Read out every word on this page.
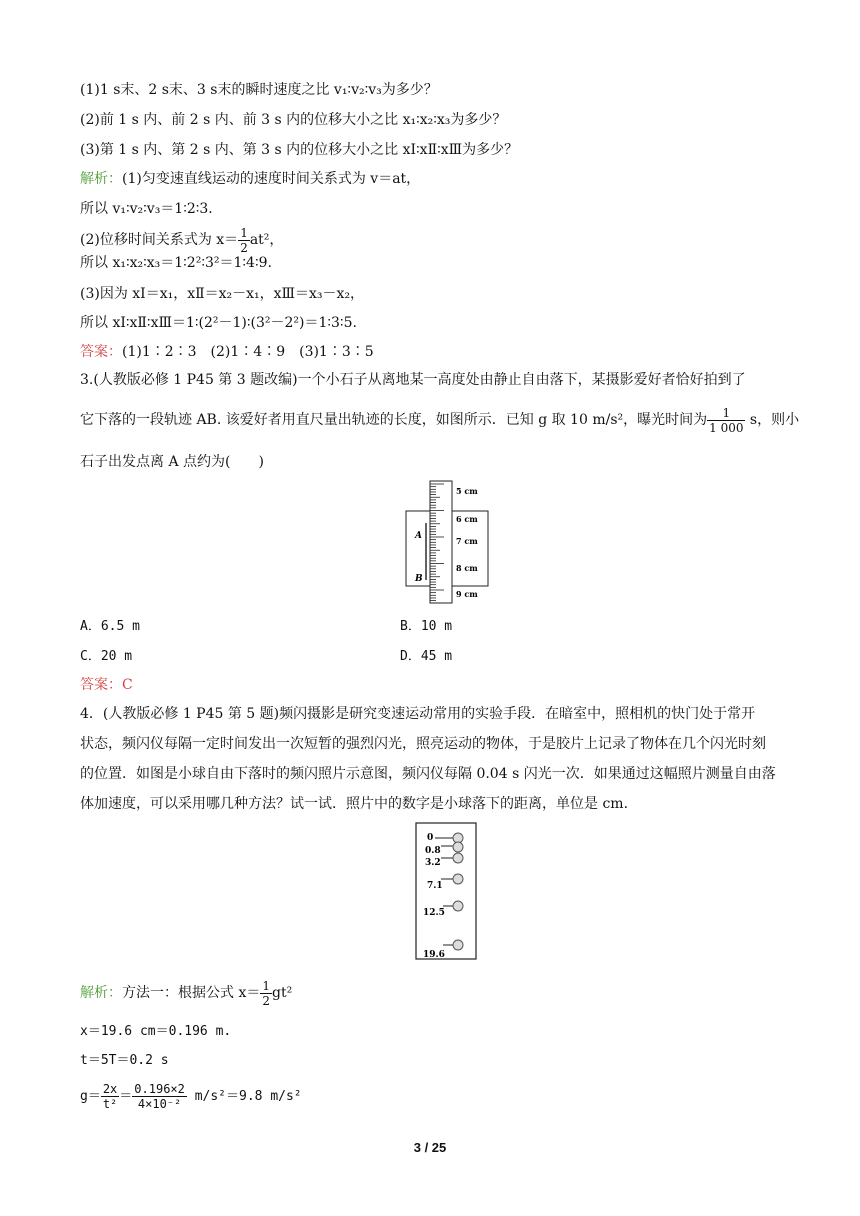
(1)1 s末、2 s末、3 s末的瞬时速度之比 v₁∶v₂∶v₃为多少？
(2)前 1 s 内、前 2 s 内、前 3 s 内的位移大小之比 x₁∶x₂∶x₃为多少？
(3)第 1 s 内、第 2 s 内、第 3 s 内的位移大小之比 xⅠ∶xⅡ∶xⅢ为多少？
解析：(1)匀变速直线运动的速度时间关系式为 v＝at，
所以 v₁∶v₂∶v₃＝1∶2∶3.
(2)位移时间关系式为 $x= \frac{1}{2} at^2$，
所以 x₁∶x₂∶x₃＝1∶2²∶3²＝1∶4∶9.
(3)因为 xⅠ＝x₁，xⅡ＝x₂－x₁，xⅢ＝x₃－x₂，
所以 xⅠ∶xⅡ∶xⅢ＝1∶(2²－1)∶(3²－2²)＝1∶3∶5.
答案：(1)1∶2∶3　(2)1∶4∶9　(3)1∶3∶5
3.(人教版必修 1 P45 第 3 题改编)一个小石子从离地某一高度处由静止自由落下，某摄影爱好者恰好拍到了
它下落的一段轨迹 AB. 该爱好者用直尺量出轨迹的长度，如图所示．已知 g 取 10 m/s²，曝光时间为 $\frac{1}{1 000}$ s，则小
石子出发点离 A 点约为(　　)
A
B
5 cm
6 cm
7 cm
8 cm
9 cm
A．6.5 m	B．10 m
C．20 m	D．45 m
答案：C
4．(人教版必修 1 P45 第 5 题)频闪摄影是研究变速运动常用的实验手段．在暗室中，照相机的快门处于常开
状态，频闪仪每隔一定时间发出一次短暂的强烈闪光，照亮运动的物体，于是胶片上记录了物体在几个闪光时刻
的位置．如图是小球自由下落时的频闪照片示意图，频闪仪每隔 0.04 s 闪光一次．如果通过这幅照片测量自由落
体加速度，可以采用哪几种方法？试一试．照片中的数字是小球落下的距离，单位是 cm.
0
0.8
3.2
7.1
12.5
19.6
解析：方法一：根据公式 $x= \frac{1}{2} gt^2$
x＝19.6 cm＝0.196 m.
t＝5T＝0.2 s
$g= \frac{2x}{\text{t²}} = \frac{0.196\times 2}{\text{4×10⁻²}} m/s^2=9.8$ m/s²
3 / 25
